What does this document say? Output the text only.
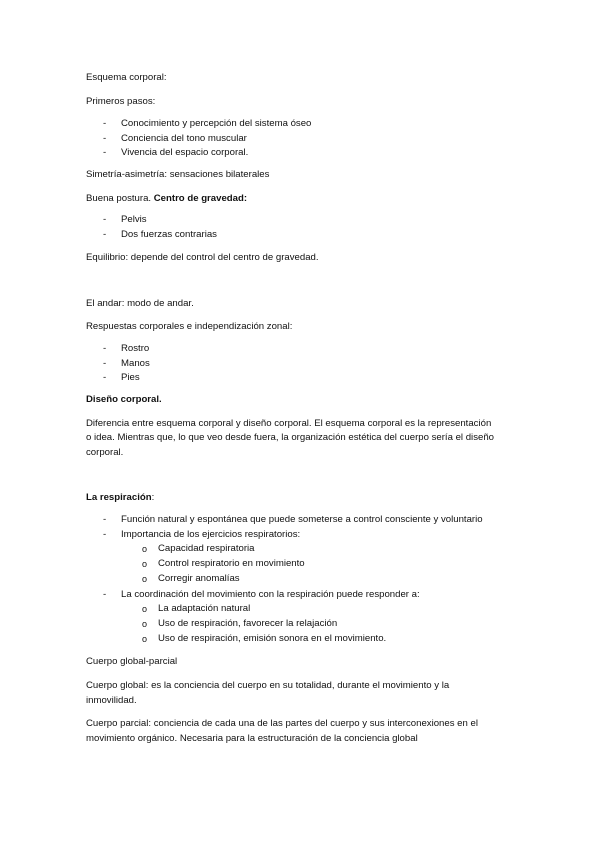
Esquema corporal:
Primeros pasos:
-	Conocimiento y percepción del sistema óseo
-	Conciencia del tono muscular
-	Vivencia del espacio corporal.
Simetría-asimetría: sensaciones bilaterales
Buena postura. Centro de gravedad:
-	Pelvis
-	Dos fuerzas contrarias
Equilibrio: depende del control del centro de gravedad.
El andar: modo de andar.
Respuestas corporales e independización zonal:
-	Rostro
-	Manos
-	Pies
Diseño corporal.
Diferencia entre esquema corporal y diseño corporal. El esquema corporal es la representación
o idea. Mientras que, lo que veo desde fuera, la organización estética del cuerpo sería el diseño
corporal.
La respiración:
-	Función natural y espontánea que puede someterse a control consciente y voluntario
-	Importancia de los ejercicios respiratorios:
o Capacidad respiratoria
o Control respiratorio en movimiento
o Corregir anomalías
-	La coordinación del movimiento con la respiración puede responder a:
o La adaptación natural
o Uso de respiración, favorecer la relajación
o Uso de respiración, emisión sonora en el movimiento.
Cuerpo global-parcial
Cuerpo global: es la conciencia del cuerpo en su totalidad, durante el movimiento y la
inmovilidad.
Cuerpo parcial: conciencia de cada una de las partes del cuerpo y sus interconexiones en el
movimiento orgánico. Necesaria para la estructuración de la conciencia global
